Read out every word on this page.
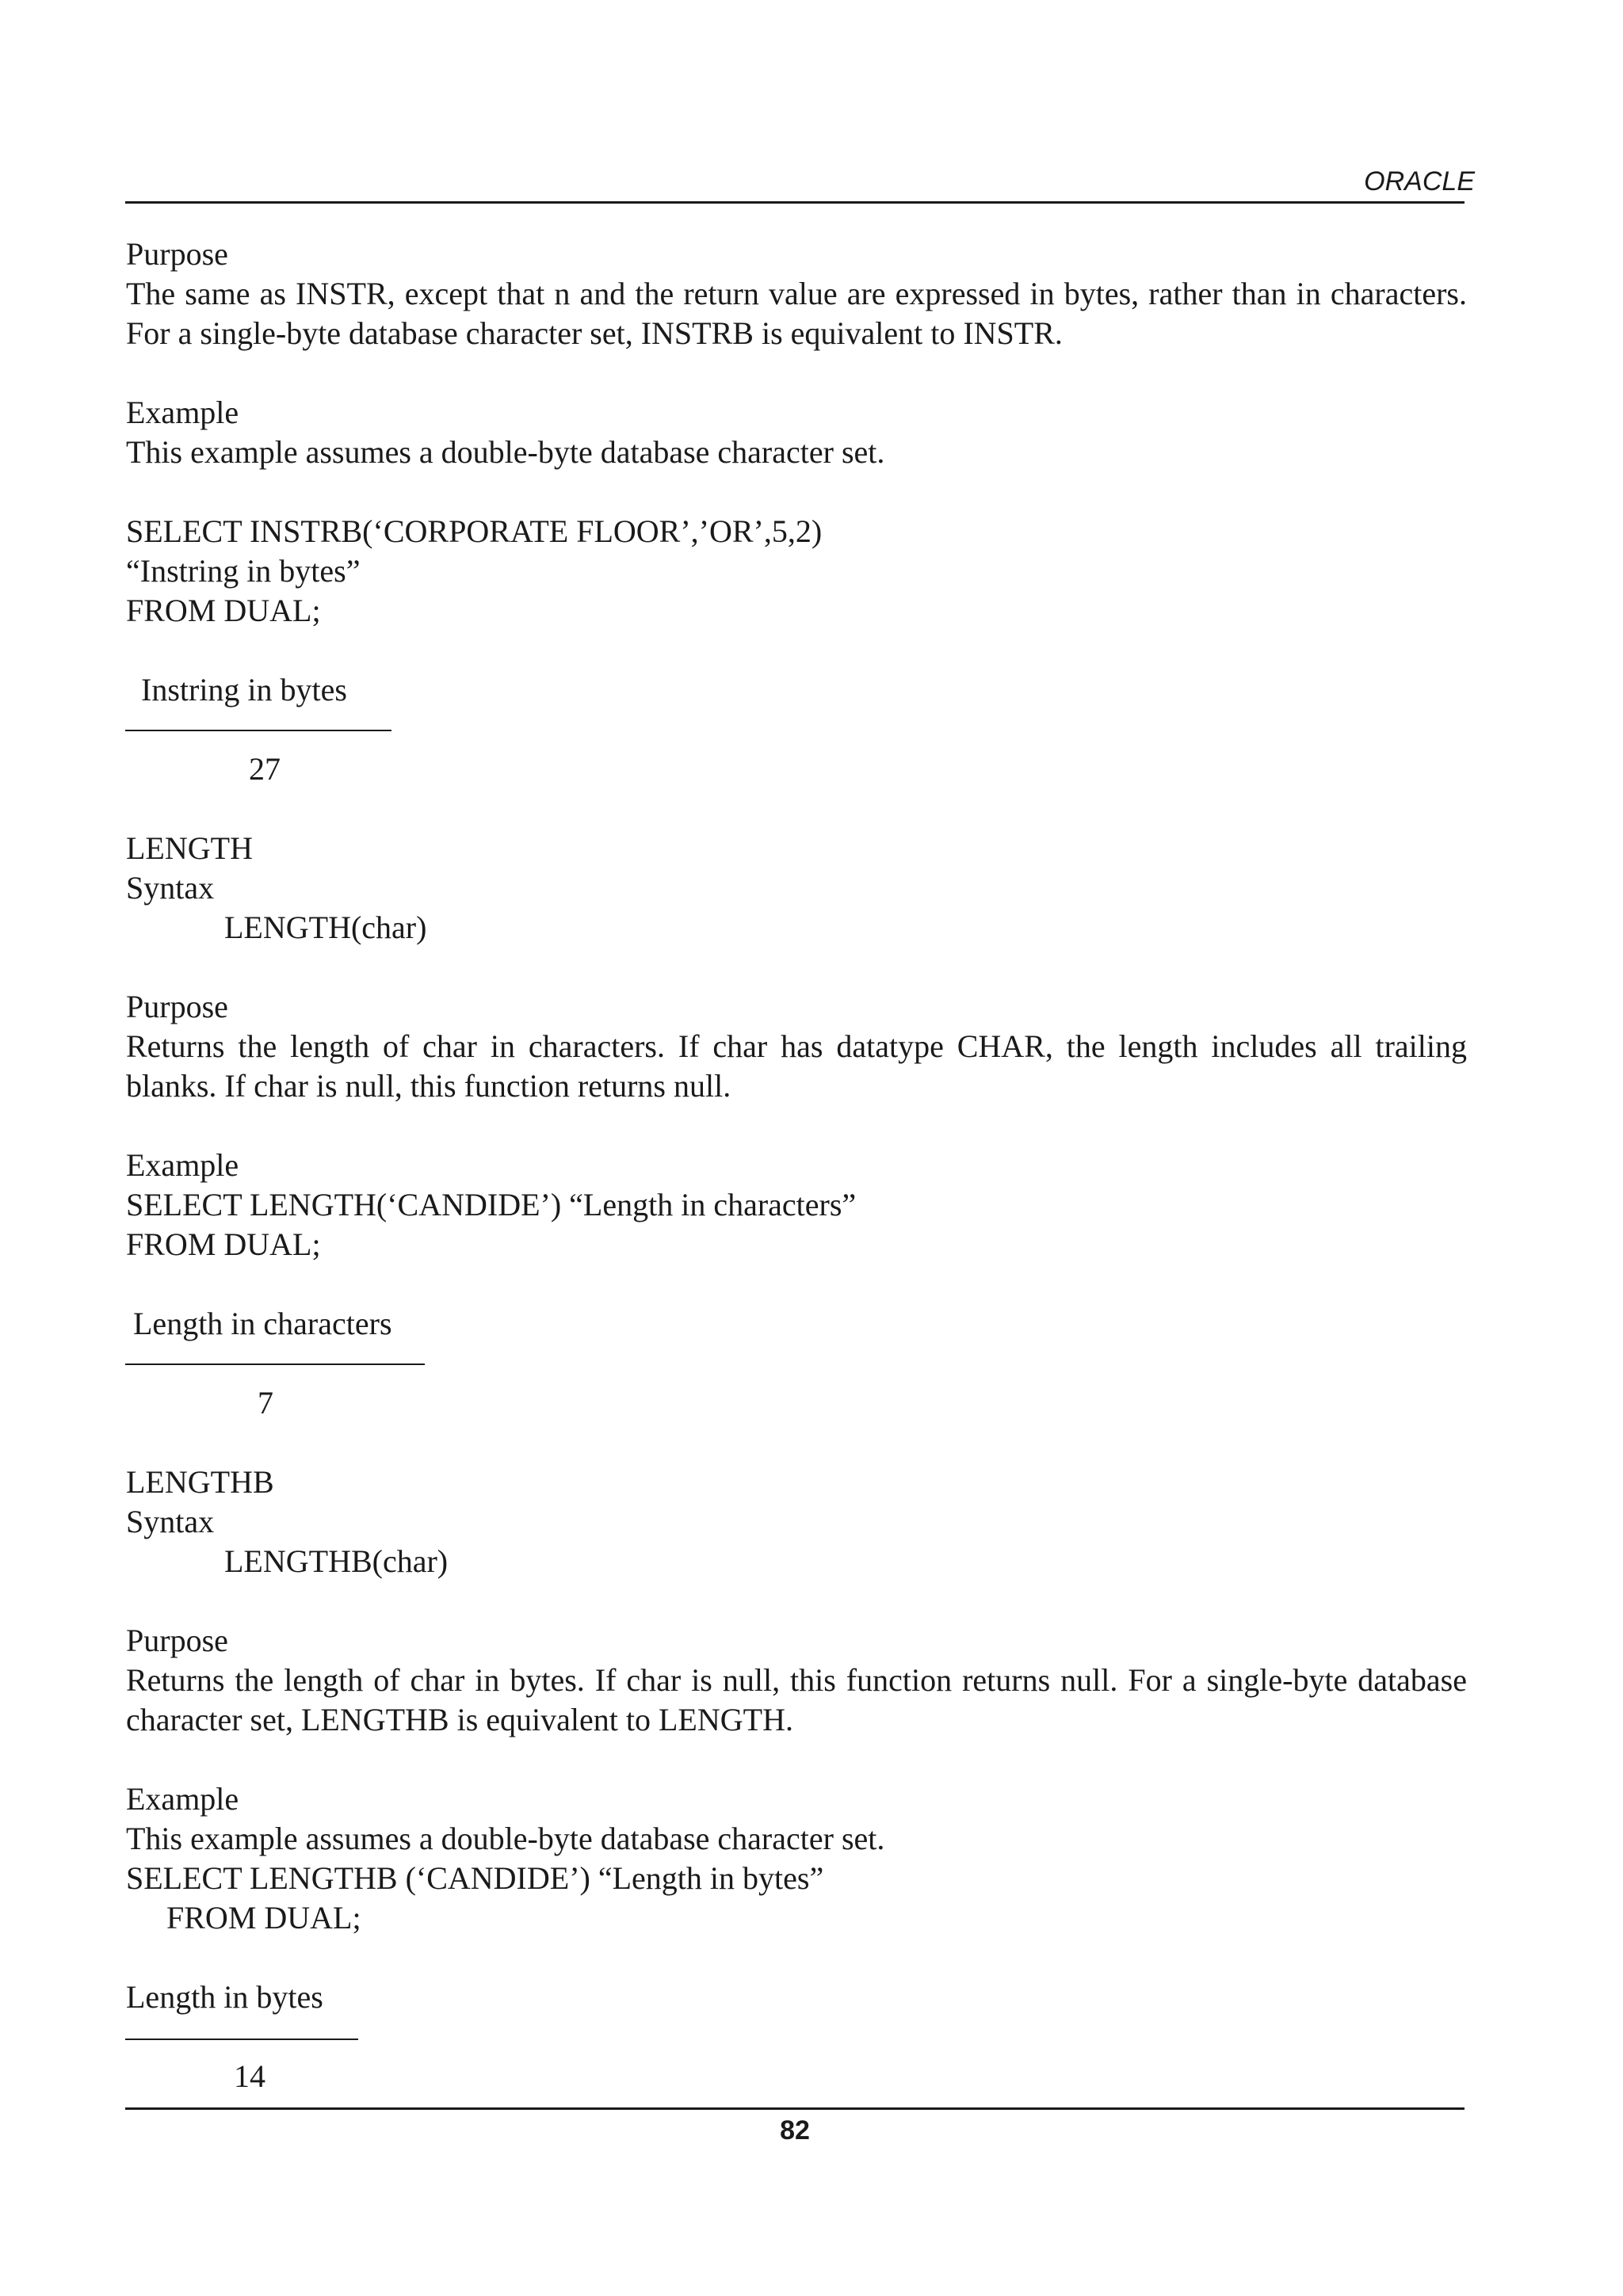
ORACLE
Purpose
The same as INSTR, except that n and the return value are expressed in bytes, rather than in characters.
For a single-byte database character set, INSTRB is equivalent to INSTR.
Example
This example assumes a double-byte database character set.
SELECT INSTRB(‘CORPORATE FLOOR’,’OR’,5,2)
“Instring in bytes”
FROM DUAL;
Instring in bytes
27
LENGTH
Syntax
LENGTH(char)
Purpose
Returns the length of char in characters. If char has datatype CHAR, the length includes all trailing
blanks. If char is null, this function returns null.
Example
SELECT LENGTH(‘CANDIDE’) “Length in characters”
FROM DUAL;
Length in characters
7
LENGTHB
Syntax
LENGTHB(char)
Purpose
Returns the length of char in bytes. If char is null, this function returns null. For a single-byte database
character set, LENGTHB is equivalent to LENGTH.
Example
This example assumes a double-byte database character set.
SELECT LENGTHB (‘CANDIDE’) “Length in bytes”
FROM DUAL;
Length in bytes
14
82
